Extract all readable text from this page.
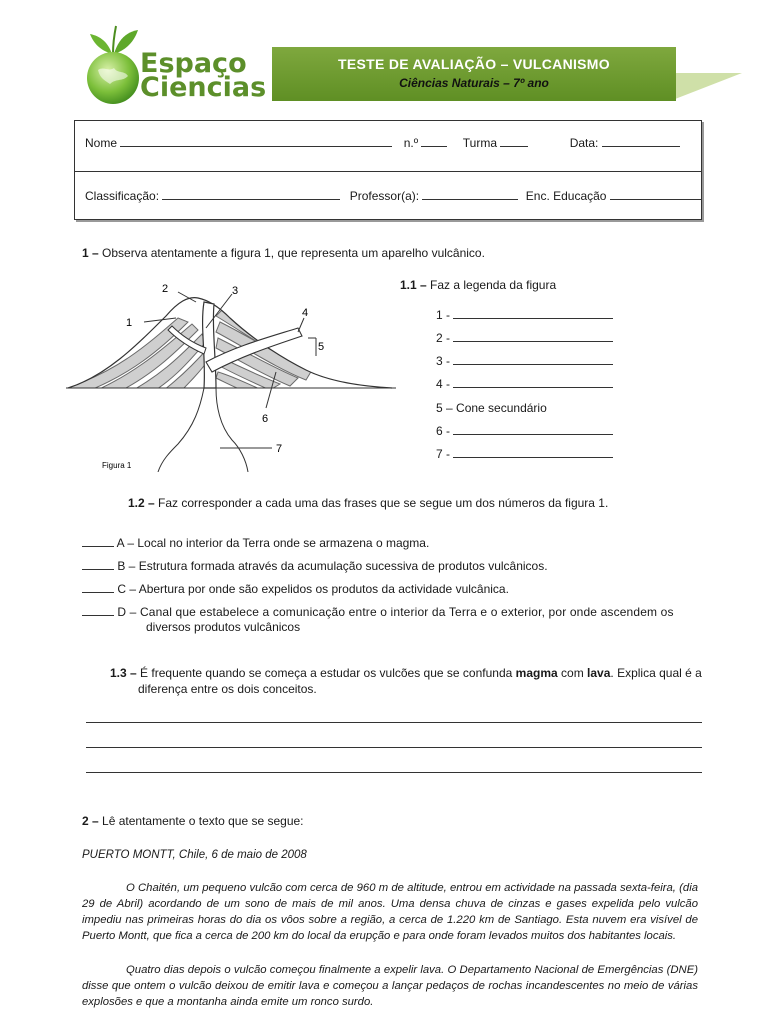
Espaço
Ciencias
TESTE DE AVALIAÇÃO – VULCANISMO
Ciências Naturais – 7º ano
Nome	n.º	Turma	Data:
Classificação:	Professor(a):	Enc. Educação
1 – Observa atentamente a figura 1, que representa um aparelho vulcânico.
1
2	3
4
5
6
7
Figura 1
1.1 – Faz a legenda da figura
1 -
2 -
3 -
4 -
5 – Cone secundário
6 -
7 -
1.2 – Faz corresponder a cada uma das frases que se segue um dos números da figura 1.
A – Local no interior da Terra onde se armazena o magma.
B – Estrutura formada através da acumulação sucessiva de produtos vulcânicos.
C – Abertura por onde são expelidos os produtos da actividade vulcânica.
D – Canal que estabelece a comunicação entre o interior da Terra e o exterior, por onde ascendem os
diversos produtos vulcânicos
1.3 – É frequente quando se começa a estudar os vulcões que se confunda magma com lava. Explica qual é a
diferença entre os dois conceitos.
2 – Lê atentamente o texto que se segue:
PUERTO MONTT, Chile, 6 de maio de 2008
O Chaitén, um pequeno vulcão com cerca de 960 m de altitude, entrou em actividade na passada sexta-feira, (dia 29 de Abril) acordando de um sono de mais de mil anos. Uma densa chuva de cinzas e gases expelida pelo vulcão impediu nas primeiras horas do dia os vôos sobre a região, a cerca de 1.220 km de Santiago. Esta nuvem era visível de Puerto Montt, que fica a cerca de 200 km do local da erupção e para onde foram levados muitos dos habitantes locais.
Quatro dias depois o vulcão começou finalmente a expelir lava. O Departamento Nacional de Emergências (DNE) disse que ontem o vulcão deixou de emitir lava e começou a lançar pedaços de rochas incandescentes no meio de várias explosões e que a montanha ainda emite um ronco surdo.
